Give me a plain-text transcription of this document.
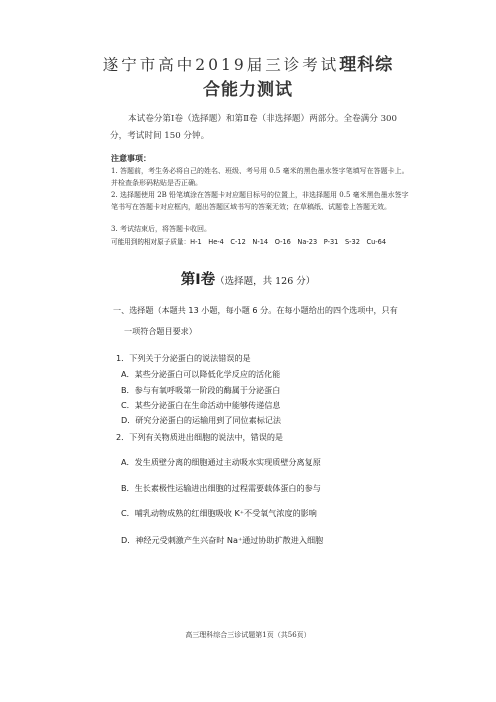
遂宁市高中2019届三诊考试理科综
合能力测试
本试卷分第Ⅰ卷（选择题）和第Ⅱ卷（非选择题）两部分。全卷满分 300 分，考试时间 150 分钟。
注意事项：
1. 答题前，考生务必将自己的姓名、班级、考号用 0.5 毫米的黑色墨水签字笔填写在答题卡上。并检查条形码粘贴是否正确。
2. 选择题使用 2B 铅笔填涂在答题卡对应题目标号的位置上，非选择题用 0.5 毫米黑色墨水签字笔书写在答题卡对应框内，超出答题区域书写的答案无效；在草稿纸、试题卷上答题无效。
3. 考试结束后，将答题卡收回。
可能用到的相对原子质量：H-1　He-4　C-12　N-14　O-16　Na-23　P-31　S-32　Cu-64
第Ⅰ卷（选择题，共 126 分）
一、选择题（本题共 13 小题，每小题 6 分。在每小题给出的四个选项中，只有
一项符合题目要求）
1．下列关于分泌蛋白的说法错误的是
A．某些分泌蛋白可以降低化学反应的活化能
B．参与有氧呼吸第一阶段的酶属于分泌蛋白
C．某些分泌蛋白在生命活动中能够传递信息
D．研究分泌蛋白的运输用到了同位素标记法
2．下列有关物质进出细胞的说法中，错误的是
A．发生质壁分离的细胞通过主动吸水实现质壁分离复原
B．生长素极性运输进出细胞的过程需要载体蛋白的参与
C．哺乳动物成熟的红细胞吸收 K⁺不受氧气浓度的影响
D．神经元受刺激产生兴奋时 Na⁺通过协助扩散进入细胞
高三理科综合三诊试题第1页（共56页）
